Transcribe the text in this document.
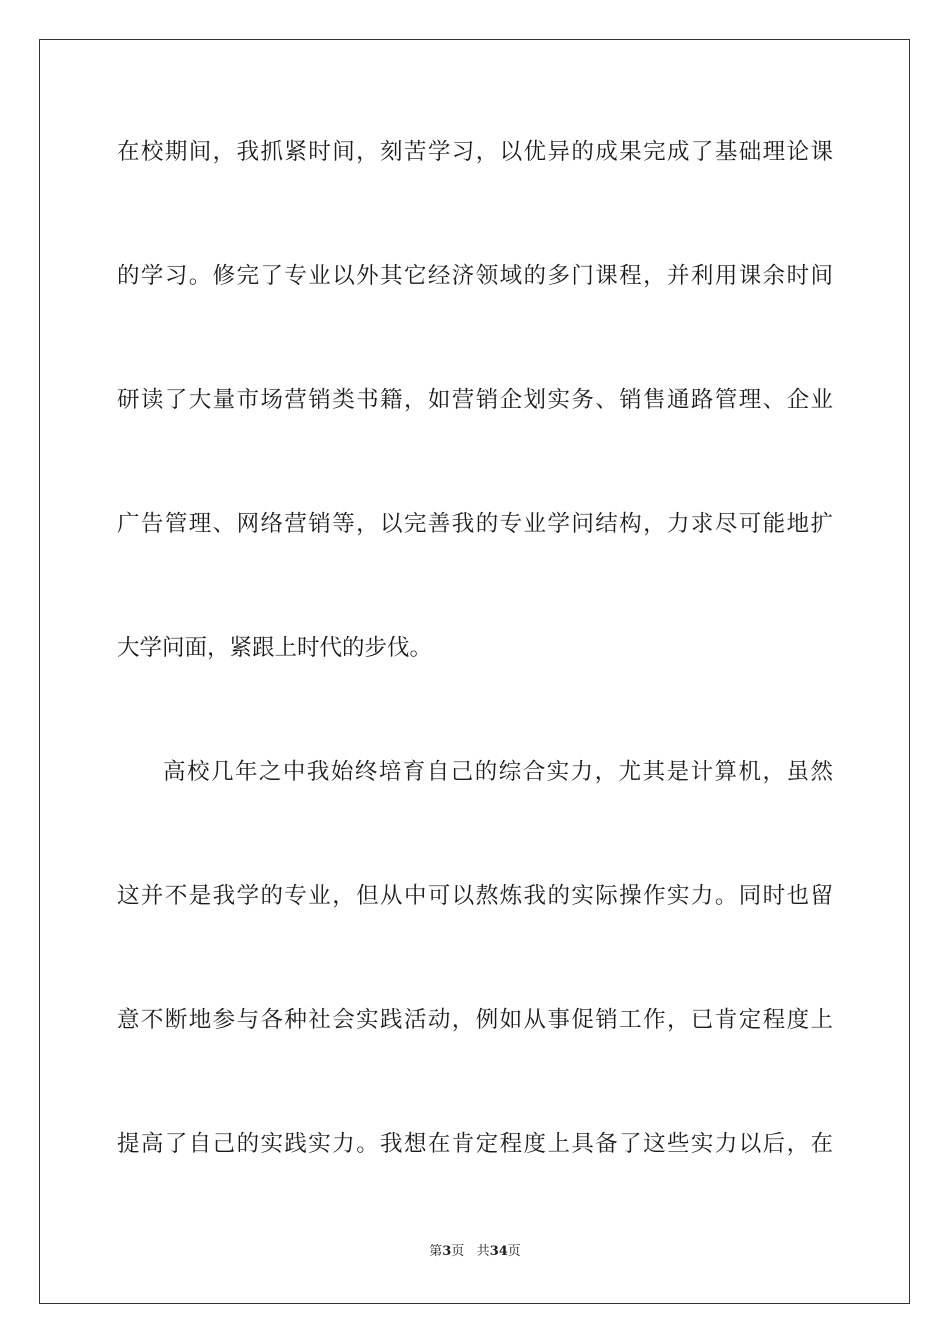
在校期间，我抓紧时间，刻苦学习，以优异的成果完成了基础理论课
的学习。修完了专业以外其它经济领域的多门课程，并利用课余时间
研读了大量市场营销类书籍，如营销企划实务、销售通路管理、企业
广告管理、网络营销等，以完善我的专业学问结构，力求尽可能地扩
大学问面，紧跟上时代的步伐。
高校几年之中我始终培育自己的综合实力，尤其是计算机，虽然
这并不是我学的专业，但从中可以熬炼我的实际操作实力。同时也留
意不断地参与各种社会实践活动，例如从事促销工作，已肯定程度上
提高了自己的实践实力。我想在肯定程度上具备了这些实力以后，在
第3页 共34页
